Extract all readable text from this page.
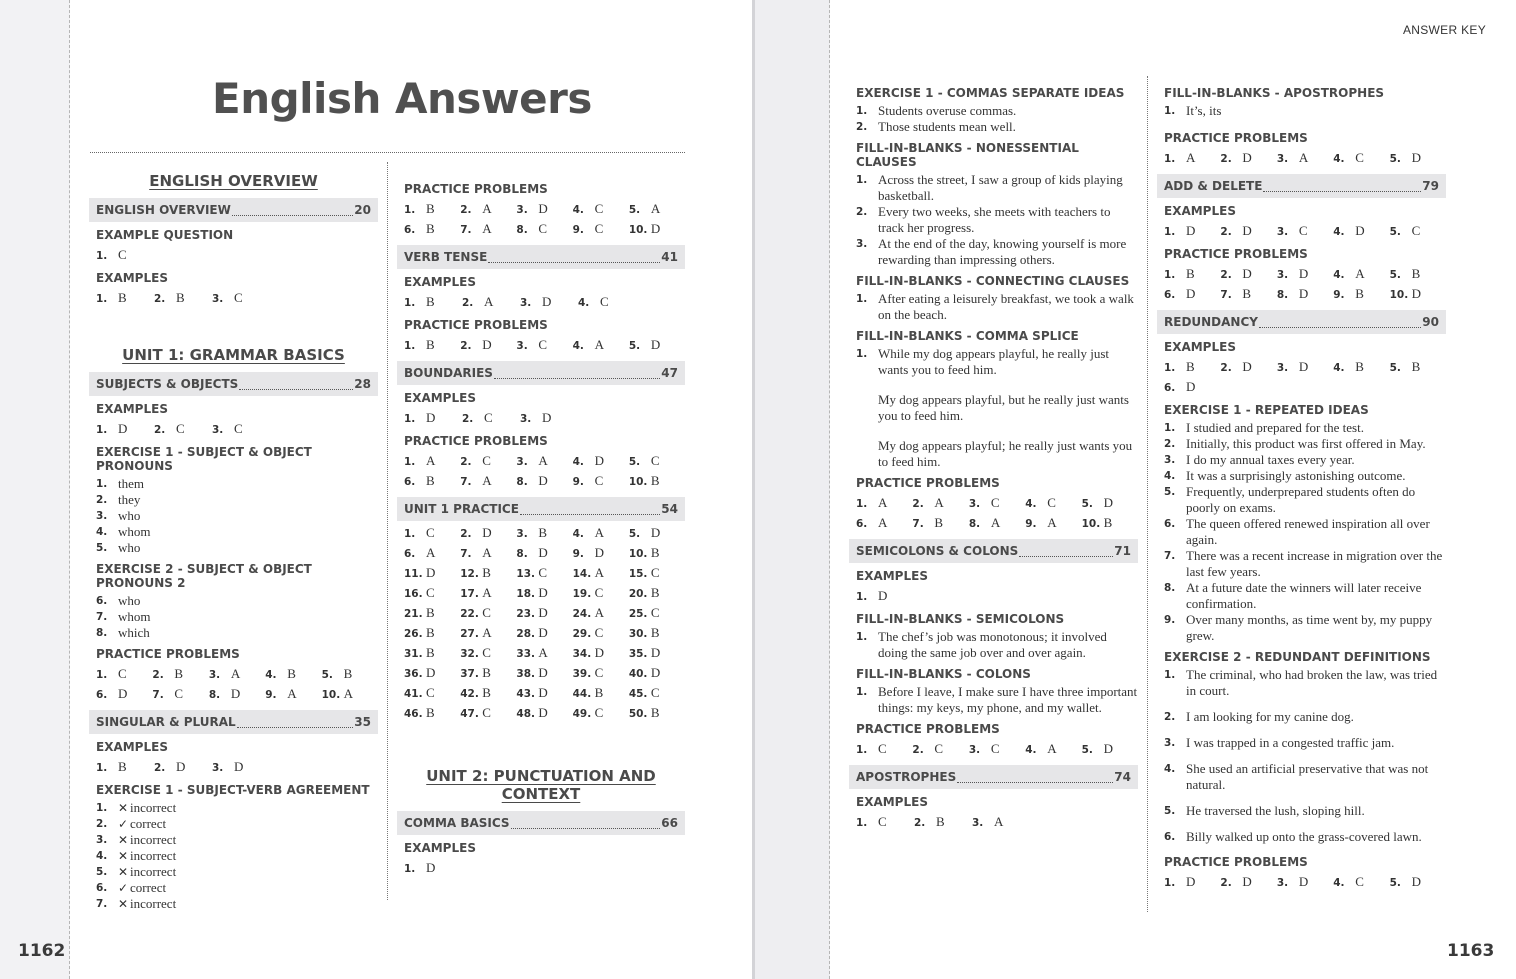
1162	1163
English Answers
ANSWER KEY
ENGLISH OVERVIEW
ENGLISH OVERVIEW	20
EXAMPLE QUESTION
1. C
EXAMPLES
1. B	2. B	3. C
UNIT 1: GRAMMAR BASICS
SUBJECTS & OBJECTS	28
EXAMPLES
1. D	2. C	3. C
EXERCISE 1 - SUBJECT & OBJECT PRONOUNS
1. them
2. they
3. who
4. whom
5. who
EXERCISE 2 - SUBJECT & OBJECT PRONOUNS 2
6. who
7. whom
8. which
PRACTICE PROBLEMS
1. C	2. B	3. A	4. B	5. B
6. D	7. C	8. D	9. A	10. A
SINGULAR & PLURAL	35
EXAMPLES
1. B	2. D	3. D
EXERCISE 1 - SUBJECT-VERB AGREEMENT
1. ✕ incorrect
2. ✓ correct
3. ✕ incorrect
4. ✕ incorrect
5. ✕ incorrect
6. ✓ correct
7. ✕ incorrect
PRACTICE PROBLEMS
1. B	2. A	3. D	4. C	5. A
6. B	7. A	8. C	9. C	10. D
VERB TENSE	41
EXAMPLES
1. B	2. A	3. D	4. C
PRACTICE PROBLEMS
1. B	2. D	3. C	4. A	5. D
BOUNDARIES	47
EXAMPLES
1. D	2. C	3. D
PRACTICE PROBLEMS
1. A	2. C	3. A	4. D	5. C
6. B	7. A	8. D	9. C	10. B
UNIT 1 PRACTICE	54
1. C	2. D	3. B	4. A	5. D
6. A	7. A	8. D	9. D	10. B
11. D	12. B	13. C	14. A	15. C
16. C	17. A	18. D	19. C	20. B
21. B	22. C	23. D	24. A	25. C
26. B	27. A	28. D	29. C	30. B
31. B	32. C	33. A	34. D	35. D
36. D	37. B	38. D	39. C	40. D
41. C	42. B	43. D	44. B	45. C
46. B	47. C	48. D	49. C	50. B
UNIT 2: PUNCTUATION AND CONTEXT
COMMA BASICS	66
EXAMPLES
1. D
EXERCISE 1 - COMMAS SEPARATE IDEAS
1. Students overuse commas.
2. Those students mean well.
FILL-IN-BLANKS - NONESSENTIAL CLAUSES
1. Across the street, I saw a group of kids playing basketball.
2. Every two weeks, she meets with teachers to track her progress.
3. At the end of the day, knowing yourself is more rewarding than impressing others.
FILL-IN-BLANKS - CONNECTING CLAUSES
1. After eating a leisurely breakfast, we took a walk on the beach.
FILL-IN-BLANKS - COMMA SPLICE
1. While my dog appears playful, he really just wants you to feed him.
My dog appears playful, but he really just wants you to feed him.
My dog appears playful; he really just wants you to feed him.
PRACTICE PROBLEMS
1. A	2. A	3. C	4. C	5. D
6. A	7. B	8. A	9. A	10. B
SEMICOLONS & COLONS	71
EXAMPLES
1. D
FILL-IN-BLANKS - SEMICOLONS
1. The chef’s job was monotonous; it involved doing the same job over and over again.
FILL-IN-BLANKS - COLONS
1. Before I leave, I make sure I have three important things: my keys, my phone, and my wallet.
PRACTICE PROBLEMS
1. C	2. C	3. C	4. A	5. D
APOSTROPHES	74
EXAMPLES
1. C	2. B	3. A
FILL-IN-BLANKS - APOSTROPHES
1. It’s, its
PRACTICE PROBLEMS
1. A	2. D	3. A	4. C	5. D
ADD & DELETE	79
EXAMPLES
1. D	2. D	3. C	4. D	5. C
PRACTICE PROBLEMS
1. B	2. D	3. D	4. A	5. B
6. D	7. B	8. D	9. B	10. D
REDUNDANCY	90
EXAMPLES
1. B	2. D	3. D	4. B	5. B
6. D
EXERCISE 1 - REPEATED IDEAS
1. I studied and prepared for the test.
2. Initially, this product was first offered in May.
3. I do my annual taxes every year.
4. It was a surprisingly astonishing outcome.
5. Frequently, underprepared students often do poorly on exams.
6. The queen offered renewed inspiration all over again.
7. There was a recent increase in migration over the last few years.
8. At a future date the winners will later receive confirmation.
9. Over many months, as time went by, my puppy grew.
EXERCISE 2 - REDUNDANT DEFINITIONS
1. The criminal, who had broken the law, was tried in court.
2. I am looking for my canine dog.
3. I was trapped in a congested traffic jam.
4. She used an artificial preservative that was not natural.
5. He traversed the lush, sloping hill.
6. Billy walked up onto the grass-covered lawn.
PRACTICE PROBLEMS
1. D	2. D	3. D	4. C	5. D
